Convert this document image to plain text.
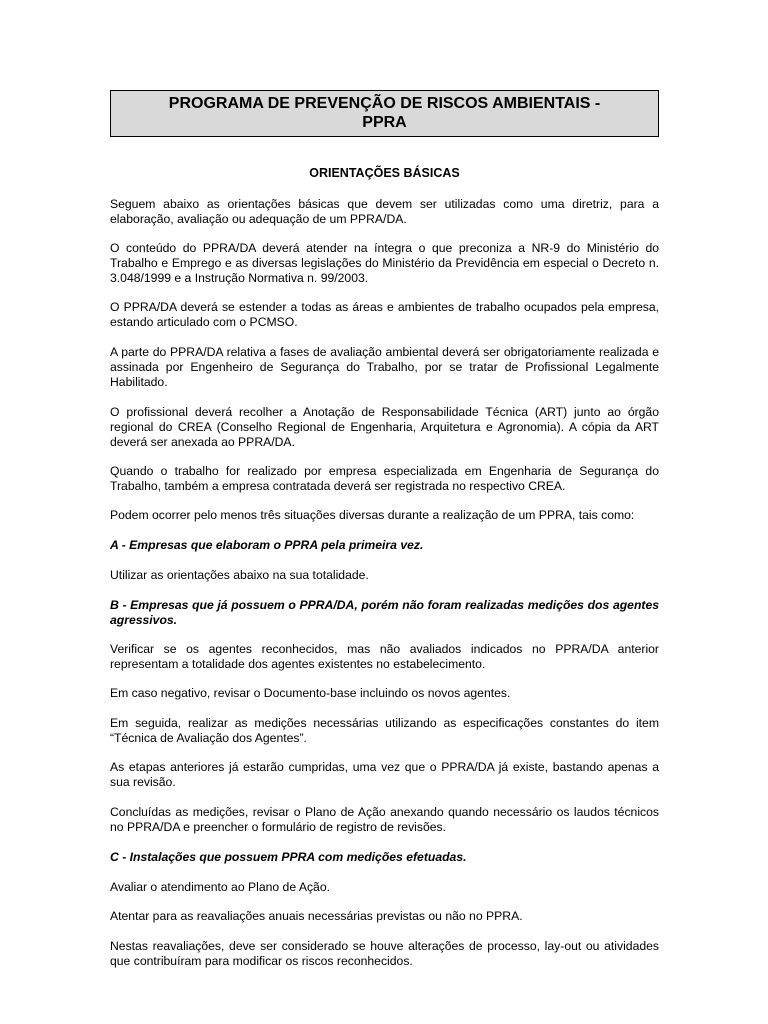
PROGRAMA DE PREVENÇÃO DE RISCOS AMBIENTAIS -

PPRA

ORIENTAÇÕES BÁSICAS

Seguem abaixo as orientações básicas que devem ser utilizadas como uma diretriz, para a elaboração, avaliação ou adequação de um PPRA/DA.

O conteúdo do PPRA/DA deverá atender na íntegra o que preconiza a NR-9 do Ministério do Trabalho e Emprego e as diversas legislações do Ministério da Previdência em especial o Decreto n. 3.048/1999 e a Instrução Normativa n. 99/2003.

O PPRA/DA deverá se estender a todas as áreas e ambientes de trabalho ocupados pela empresa, estando articulado com o PCMSO.

A parte do PPRA/DA relativa a fases de avaliação ambiental deverá ser obrigatoriamente realizada e assinada por Engenheiro de Segurança do Trabalho, por se tratar de Profissional Legalmente Habilitado.

O profissional deverá recolher a Anotação de Responsabilidade Técnica (ART) junto ao órgão regional do CREA (Conselho Regional de Engenharia, Arquitetura e Agronomia). A cópia da ART deverá ser anexada ao PPRA/DA.

Quando o trabalho for realizado por empresa especializada em Engenharia de Segurança do Trabalho, também a empresa contratada deverá ser registrada no respectivo CREA.

Podem ocorrer pelo menos três situações diversas durante a realização de um PPRA, tais como:

A - Empresas que elaboram o PPRA pela primeira vez.

Utilizar as orientações abaixo na sua totalidade.

B - Empresas que já possuem o PPRA/DA, porém não foram realizadas medições dos agentes agressivos.

Verificar se os agentes reconhecidos, mas não avaliados indicados no PPRA/DA anterior representam a totalidade dos agentes existentes no estabelecimento.

Em caso negativo, revisar o Documento-base incluindo os novos agentes.

Em seguida, realizar as medições necessárias utilizando as especificações constantes do item “Técnica de Avaliação dos Agentes”.

As etapas anteriores já estarão cumpridas, uma vez que o PPRA/DA já existe, bastando apenas a sua revisão.

Concluídas as medições, revisar o Plano de Ação anexando quando necessário os laudos técnicos no PPRA/DA e preencher o formulário de registro de revisões.

C - Instalações que possuem PPRA com medições efetuadas.

Avaliar o atendimento ao Plano de Ação.

Atentar para as reavaliações anuais necessárias previstas ou não no PPRA.

Nestas reavaliações, deve ser considerado se houve alterações de processo, lay-out ou atividades que contribuíram para modificar os riscos reconhecidos.
